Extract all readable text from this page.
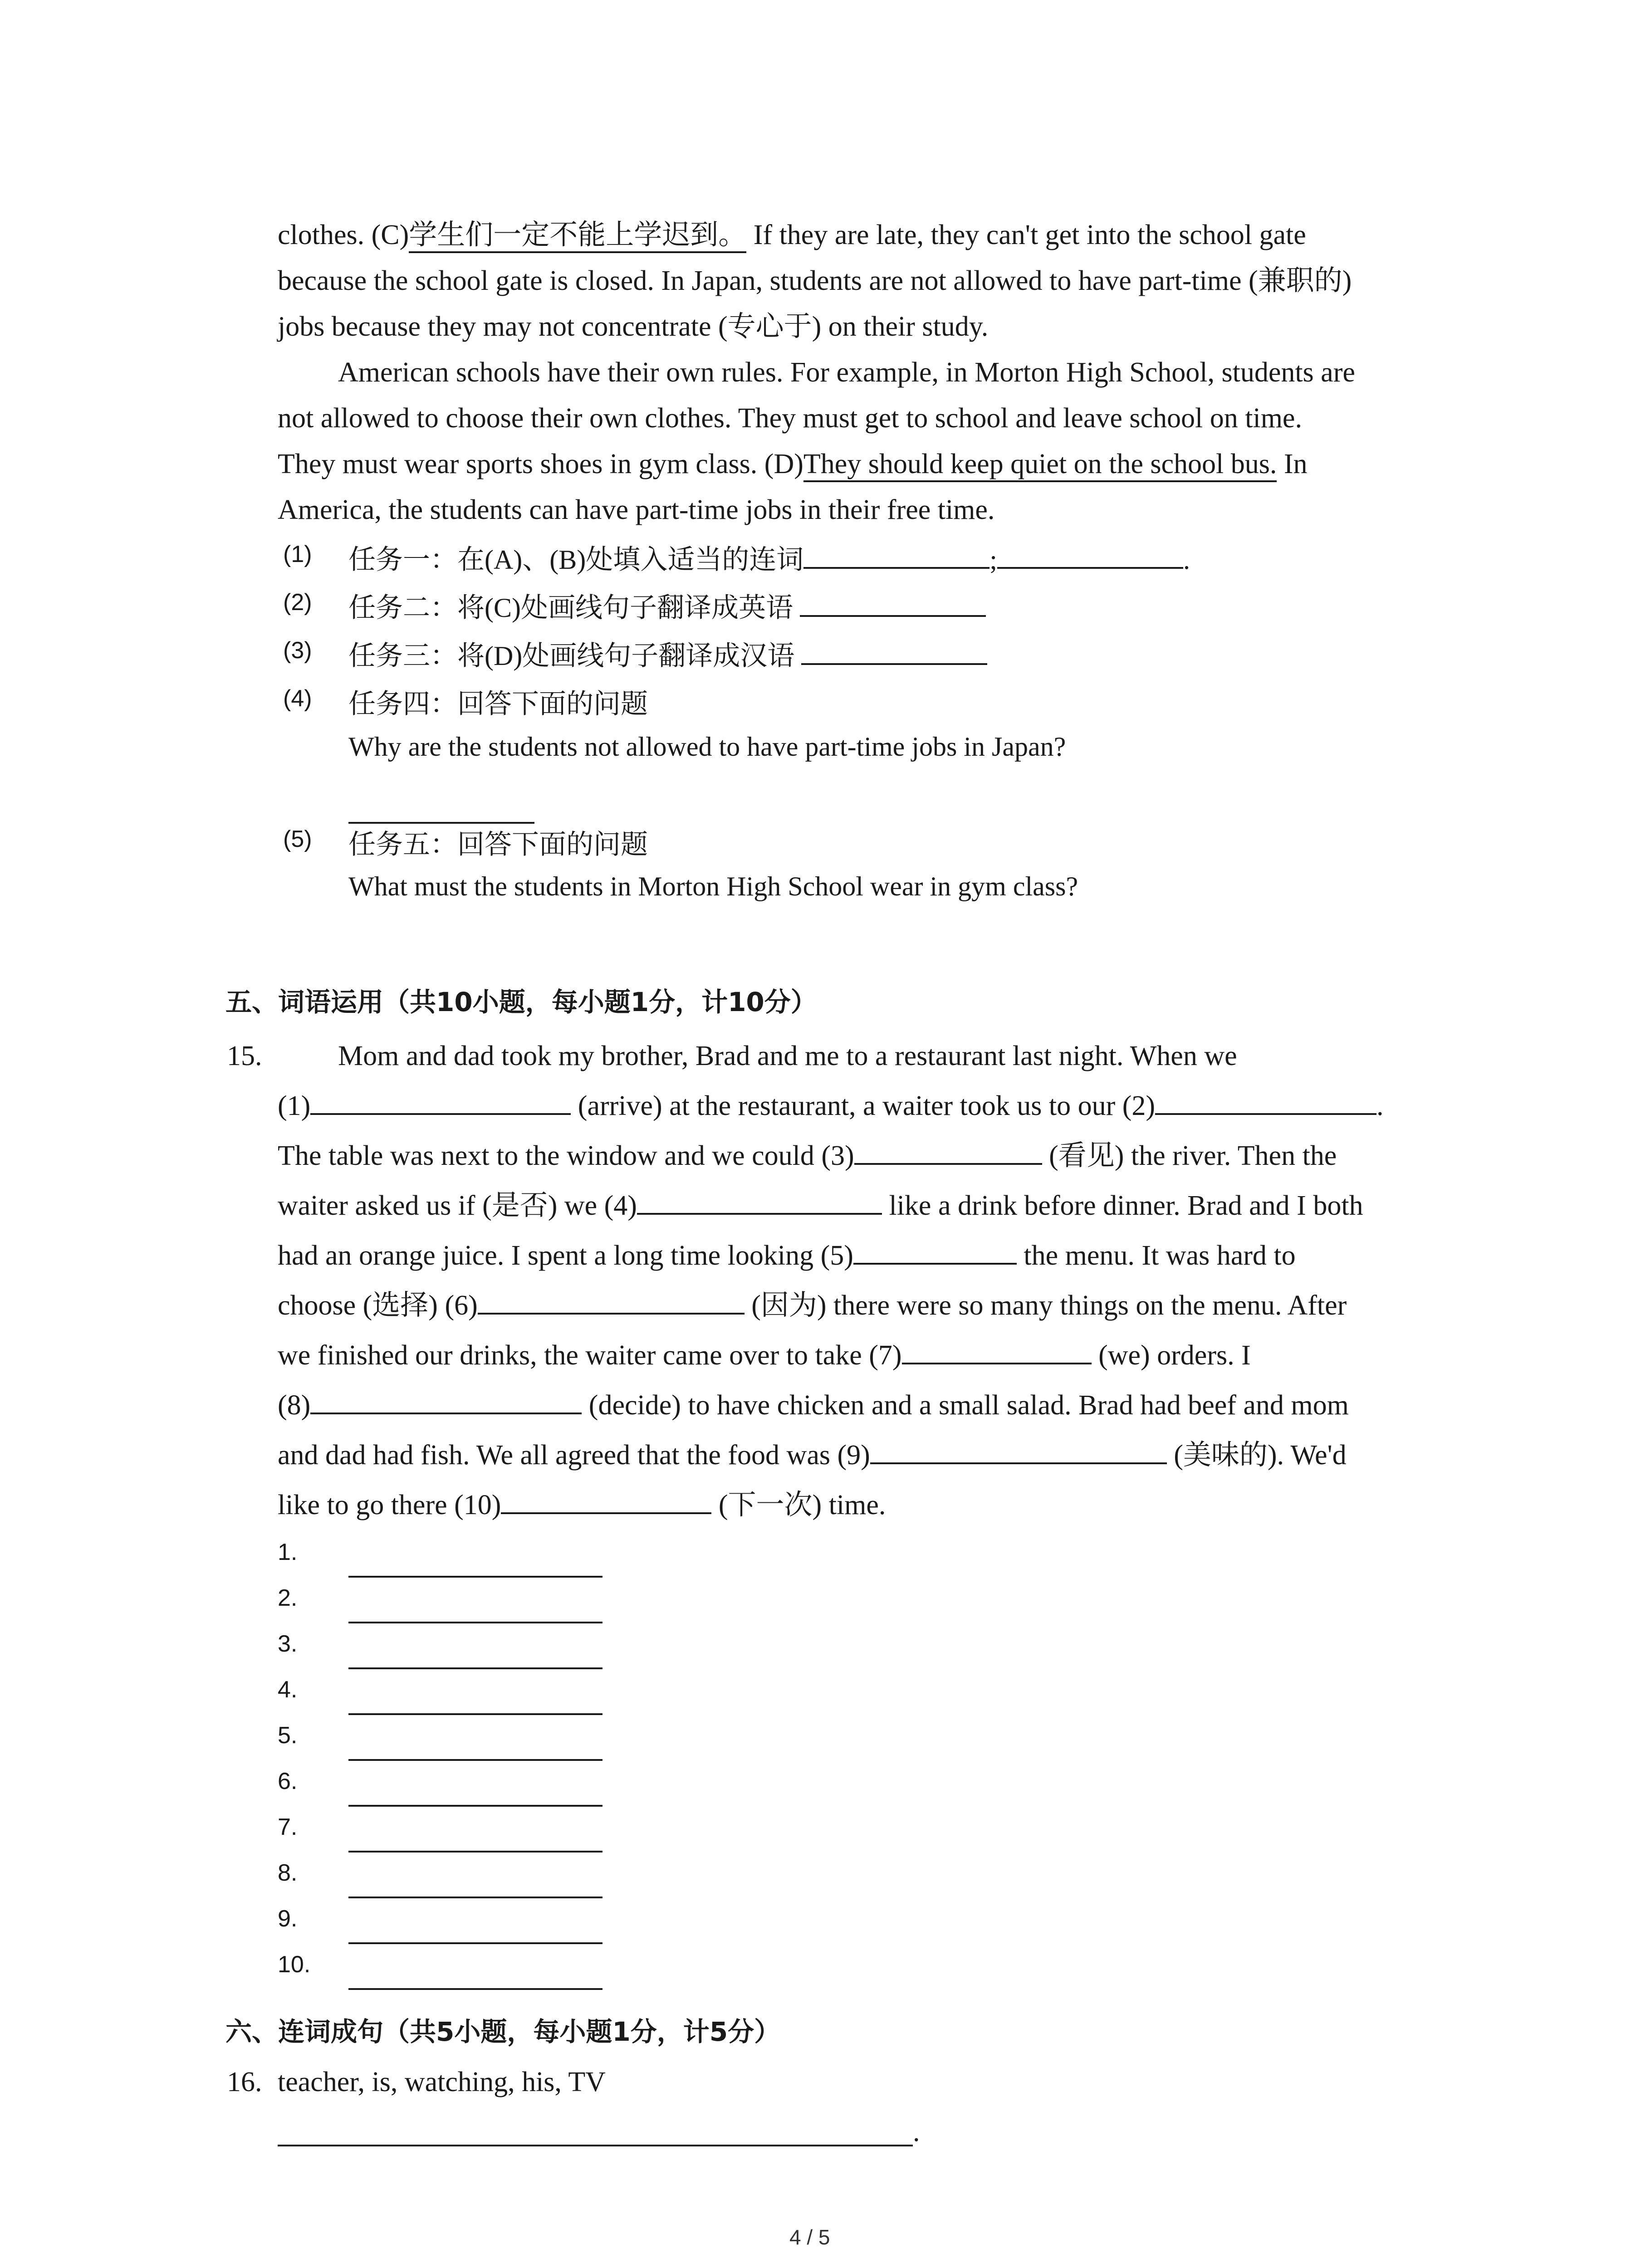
clothes. (C)学生们一定不能上学迟到。 If they are late, they can't get into the school gate
because the school gate is closed. In Japan, students are not allowed to have part-time (兼职的)
jobs because they may not concentrate (专心于) on their study.
American schools have their own rules. For example, in Morton High School, students are
not allowed to choose their own clothes. They must get to school and leave school on time.
They must wear sports shoes in gym class. (D)They should keep quiet on the school bus. In
America, the students can have part-time jobs in their free time.
(1) 任务一：在(A)、(B)处填入适当的连词	;	.
(2) 任务二：将(C)处画线句子翻译成英语
(3) 任务三：将(D)处画线句子翻译成汉语
(4) 任务四：回答下面的问题
Why are the students not allowed to have part-time jobs in Japan?
(5) 任务五：回答下面的问题
What must the students in Morton High School wear in gym class?
五、词语运用（共10小题，每小题1分，计10分）
15.	Mom and dad took my brother, Brad and me to a restaurant last night. When we
(1)	(arrive) at the restaurant, a waiter took us to our (2)	.
The table was next to the window and we could (3)	(看见) the river. Then the
waiter asked us if (是否) we (4)	like a drink before dinner. Brad and I both
had an orange juice. I spent a long time looking (5)	the menu. It was hard to
choose (选择) (6)	(因为) there were so many things on the menu. After
we finished our drinks, the waiter came over to take (7)	(we) orders. I
(8)	(decide) to have chicken and a small salad. Brad had beef and mom
and dad had fish. We all agreed that the food was (9)	(美味的). We'd
like to go there (10)	(下一次) time.
1.
2.
3.
4.
5.
6.
7.
8.
9.
10.
六、连词成句（共5小题，每小题1分，计5分）
16. teacher, is, watching, his, TV
.
4 / 5
